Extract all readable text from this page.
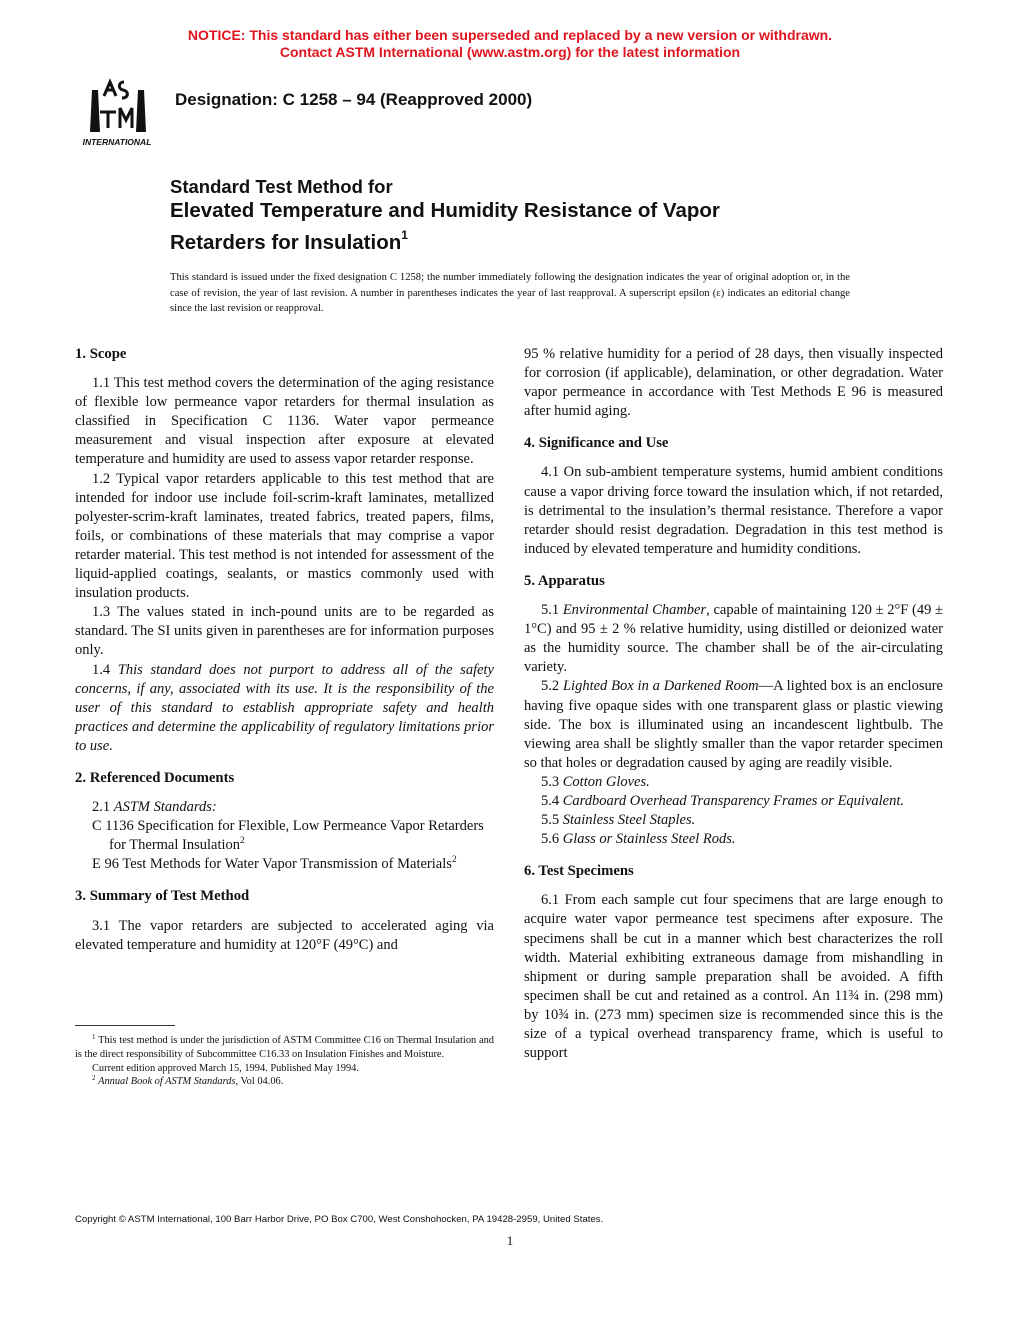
NOTICE: This standard has either been superseded and replaced by a new version or withdrawn.
Contact ASTM International (www.astm.org) for the latest information
INTERNATIONAL
Designation: C 1258 – 94 (Reapproved 2000)
Standard Test Method for
Elevated Temperature and Humidity Resistance of Vapor
Retarders for Insulation$^1$
This standard is issued under the fixed designation C 1258; the number immediately following the designation indicates the year of original adoption or, in the case of revision, the year of last revision. A number in parentheses indicates the year of last reapproval. A superscript epsilon (ε) indicates an editorial change since the last revision or reapproval.
1. Scope

1.1 This test method covers the determination of the aging resistance of flexible low permeance vapor retarders for thermal insulation as classified in Specification C 1136. Water vapor permeance measurement and visual inspection after exposure at elevated temperature and humidity are used to assess vapor retarder response.

1.2 Typical vapor retarders applicable to this test method that are intended for indoor use include foil-scrim-kraft laminates, metallized polyester-scrim-kraft laminates, treated fabrics, treated papers, films, foils, or combinations of these materials that may comprise a vapor retarder material. This test method is not intended for assessment of the liquid-applied coatings, sealants, or mastics commonly used with insulation products.

1.3 The values stated in inch-pound units are to be regarded as standard. The SI units given in parentheses are for information purposes only.

1.4 This standard does not purport to address all of the safety concerns, if any, associated with its use. It is the responsibility of the user of this standard to establish appropriate safety and health practices and determine the applicability of regulatory limitations prior to use.

2. Referenced Documents

2.1 ASTM Standards:

C 1136 Specification for Flexible, Low Permeance Vapor Retarders for Thermal Insulation$^2$

E 96 Test Methods for Water Vapor Transmission of Materials$^2$

3. Summary of Test Method

3.1 The vapor retarders are subjected to accelerated aging via elevated temperature and humidity at 120°F (49°C) and

$^1$ This test method is under the jurisdiction of ASTM Committee C16 on Thermal Insulation and is the direct responsibility of Subcommittee C16.33 on Insulation Finishes and Moisture.

Current edition approved March 15, 1994. Published May 1994.

$^2$ Annual Book of ASTM Standards, Vol 04.06.

95 % relative humidity for a period of 28 days, then visually inspected for corrosion (if applicable), delamination, or other degradation. Water vapor permeance in accordance with Test Methods E 96 is measured after humid aging.

4. Significance and Use

4.1 On sub-ambient temperature systems, humid ambient conditions cause a vapor driving force toward the insulation which, if not retarded, is detrimental to the insulation’s thermal resistance. Therefore a vapor retarder should resist degradation. Degradation in this test method is induced by elevated temperature and humidity conditions.

5. Apparatus

5.1 Environmental Chamber, capable of maintaining 120 ± 2°F (49 ± 1°C) and 95 ± 2 % relative humidity, using distilled or deionized water as the humidity source. The chamber shall be of the air-circulating variety.

5.2 Lighted Box in a Darkened Room—A lighted box is an enclosure having five opaque sides with one transparent glass or plastic viewing side. The box is illuminated using an incandescent lightbulb. The viewing area shall be slightly smaller than the vapor retarder specimen so that holes or degradation caused by aging are readily visible.

5.3 Cotton Gloves.

5.4 Cardboard Overhead Transparency Frames or Equivalent.

5.5 Stainless Steel Staples.

5.6 Glass or Stainless Steel Rods.

6. Test Specimens

6.1 From each sample cut four specimens that are large enough to acquire water vapor permeance test specimens after exposure. The specimens shall be cut in a manner which best characterizes the roll width. Material exhibiting extraneous damage from mishandling in shipment or during sample preparation shall be avoided. A fifth specimen shall be cut and retained as a control. An 11¾ in. (298 mm) by 10¾ in. (273 mm) specimen size is recommended since this is the size of a typical overhead transparency frame, which is useful to support

Copyright © ASTM International, 100 Barr Harbor Drive, PO Box C700, West Conshohocken, PA 19428-2959, United States.
1
